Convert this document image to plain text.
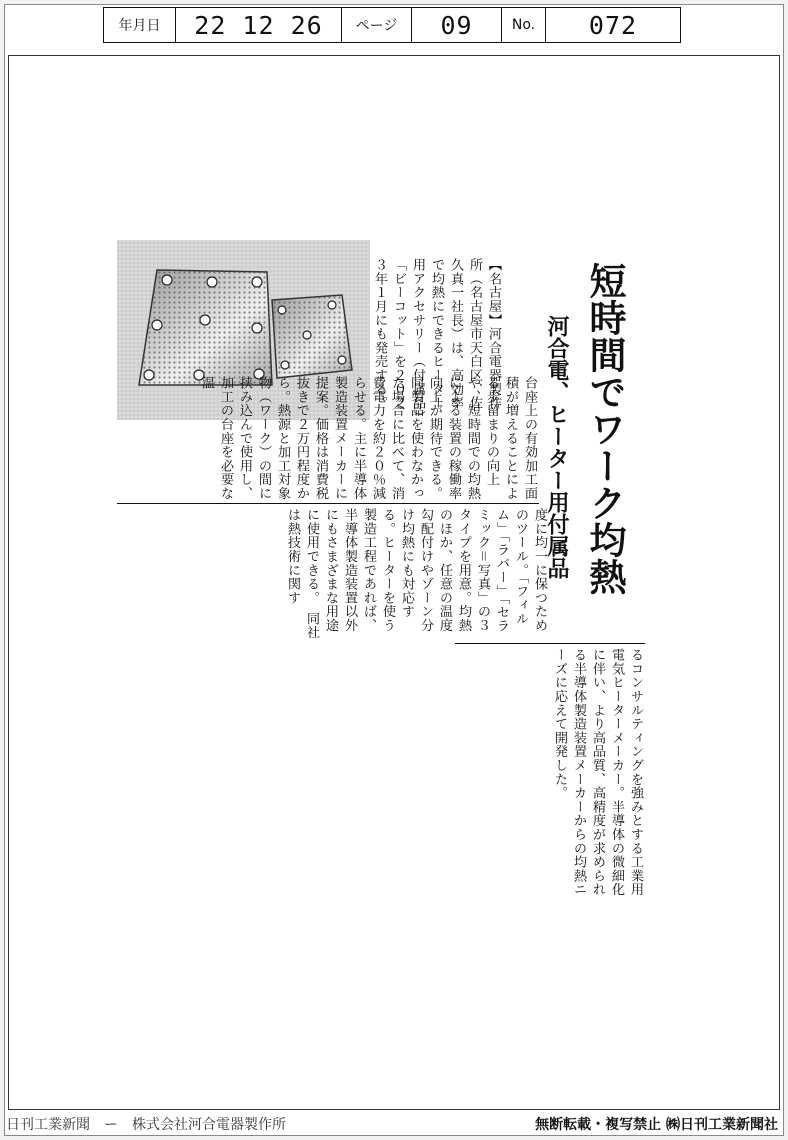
年月日 22 12 26 ページ 09	No. 072
短時間でワーク均熱
河合電、ヒーター用付属品
【名古屋】河合電器製作所（名古屋市天白区、佐久真一社長）は、高効率で均熱にできるヒーター用アクセサリー（付属品）「ビーコット」を２０２３年１月にも発売する。
台座上の有効加工面積が増えることによる歩留まりの向上や、短時間での均熱による装置の稼働率向上が期待できる。同製品を使わなかった場合に比べて、消費電力を約２０％減らせる。主に半導体製造装置メーカーに提案。価格は消費税抜きで２万円程度から。熱源と加工対象物（ワーク）の間に挟み込んで使用し、加工の台座を必要な温
度に均一に保つためのツール。「フィルム」「ラバー」「セラミック＝写真」の３タイプを用意。均熱のほか、任意の温度勾配付けやゾーン分け均熱にも対応する。ヒーターを使う製造工程であれば、半導体製造装置以外にもさまざまな用途に使用できる。　同社は熱技術に関す
るコンサルティングを強みとする工業用電気ヒーターメーカー。半導体の微細化に伴い、より高品質、高精度が求められる半導体製造装置メーカーからの均熱ニーズに応えて開発した。
日刊工業新聞　ー　株式会社河合電器製作所	無断転載・複写禁止 ㈱日刊工業新聞社
